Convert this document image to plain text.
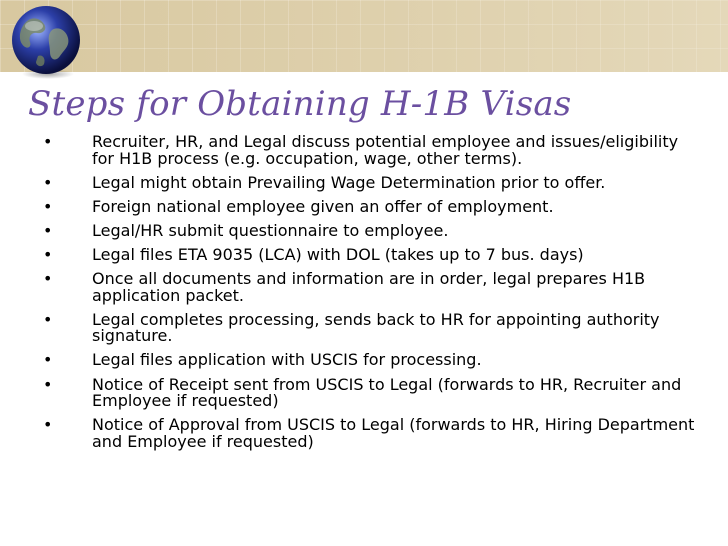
Steps for Obtaining H-1B Visas
• Recruiter, HR, and Legal discuss potential employee and issues/eligibility for H1B process (e.g. occupation, wage, other terms).
• Legal might obtain Prevailing Wage Determination prior to offer.
• Foreign national employee given an offer of employment.
• Legal/HR submit questionnaire to employee.
• Legal files ETA 9035 (LCA) with DOL (takes up to 7 bus. days)
• Once all documents and information are in order, legal prepares H1B application packet.
• Legal completes processing, sends back to HR for appointing authority signature.
• Legal files application with USCIS for processing.
• Notice of Receipt sent from USCIS to Legal (forwards to HR, Recruiter and Employee if requested)
• Notice of Approval from USCIS to Legal (forwards to HR, Hiring Department and Employee if requested)
